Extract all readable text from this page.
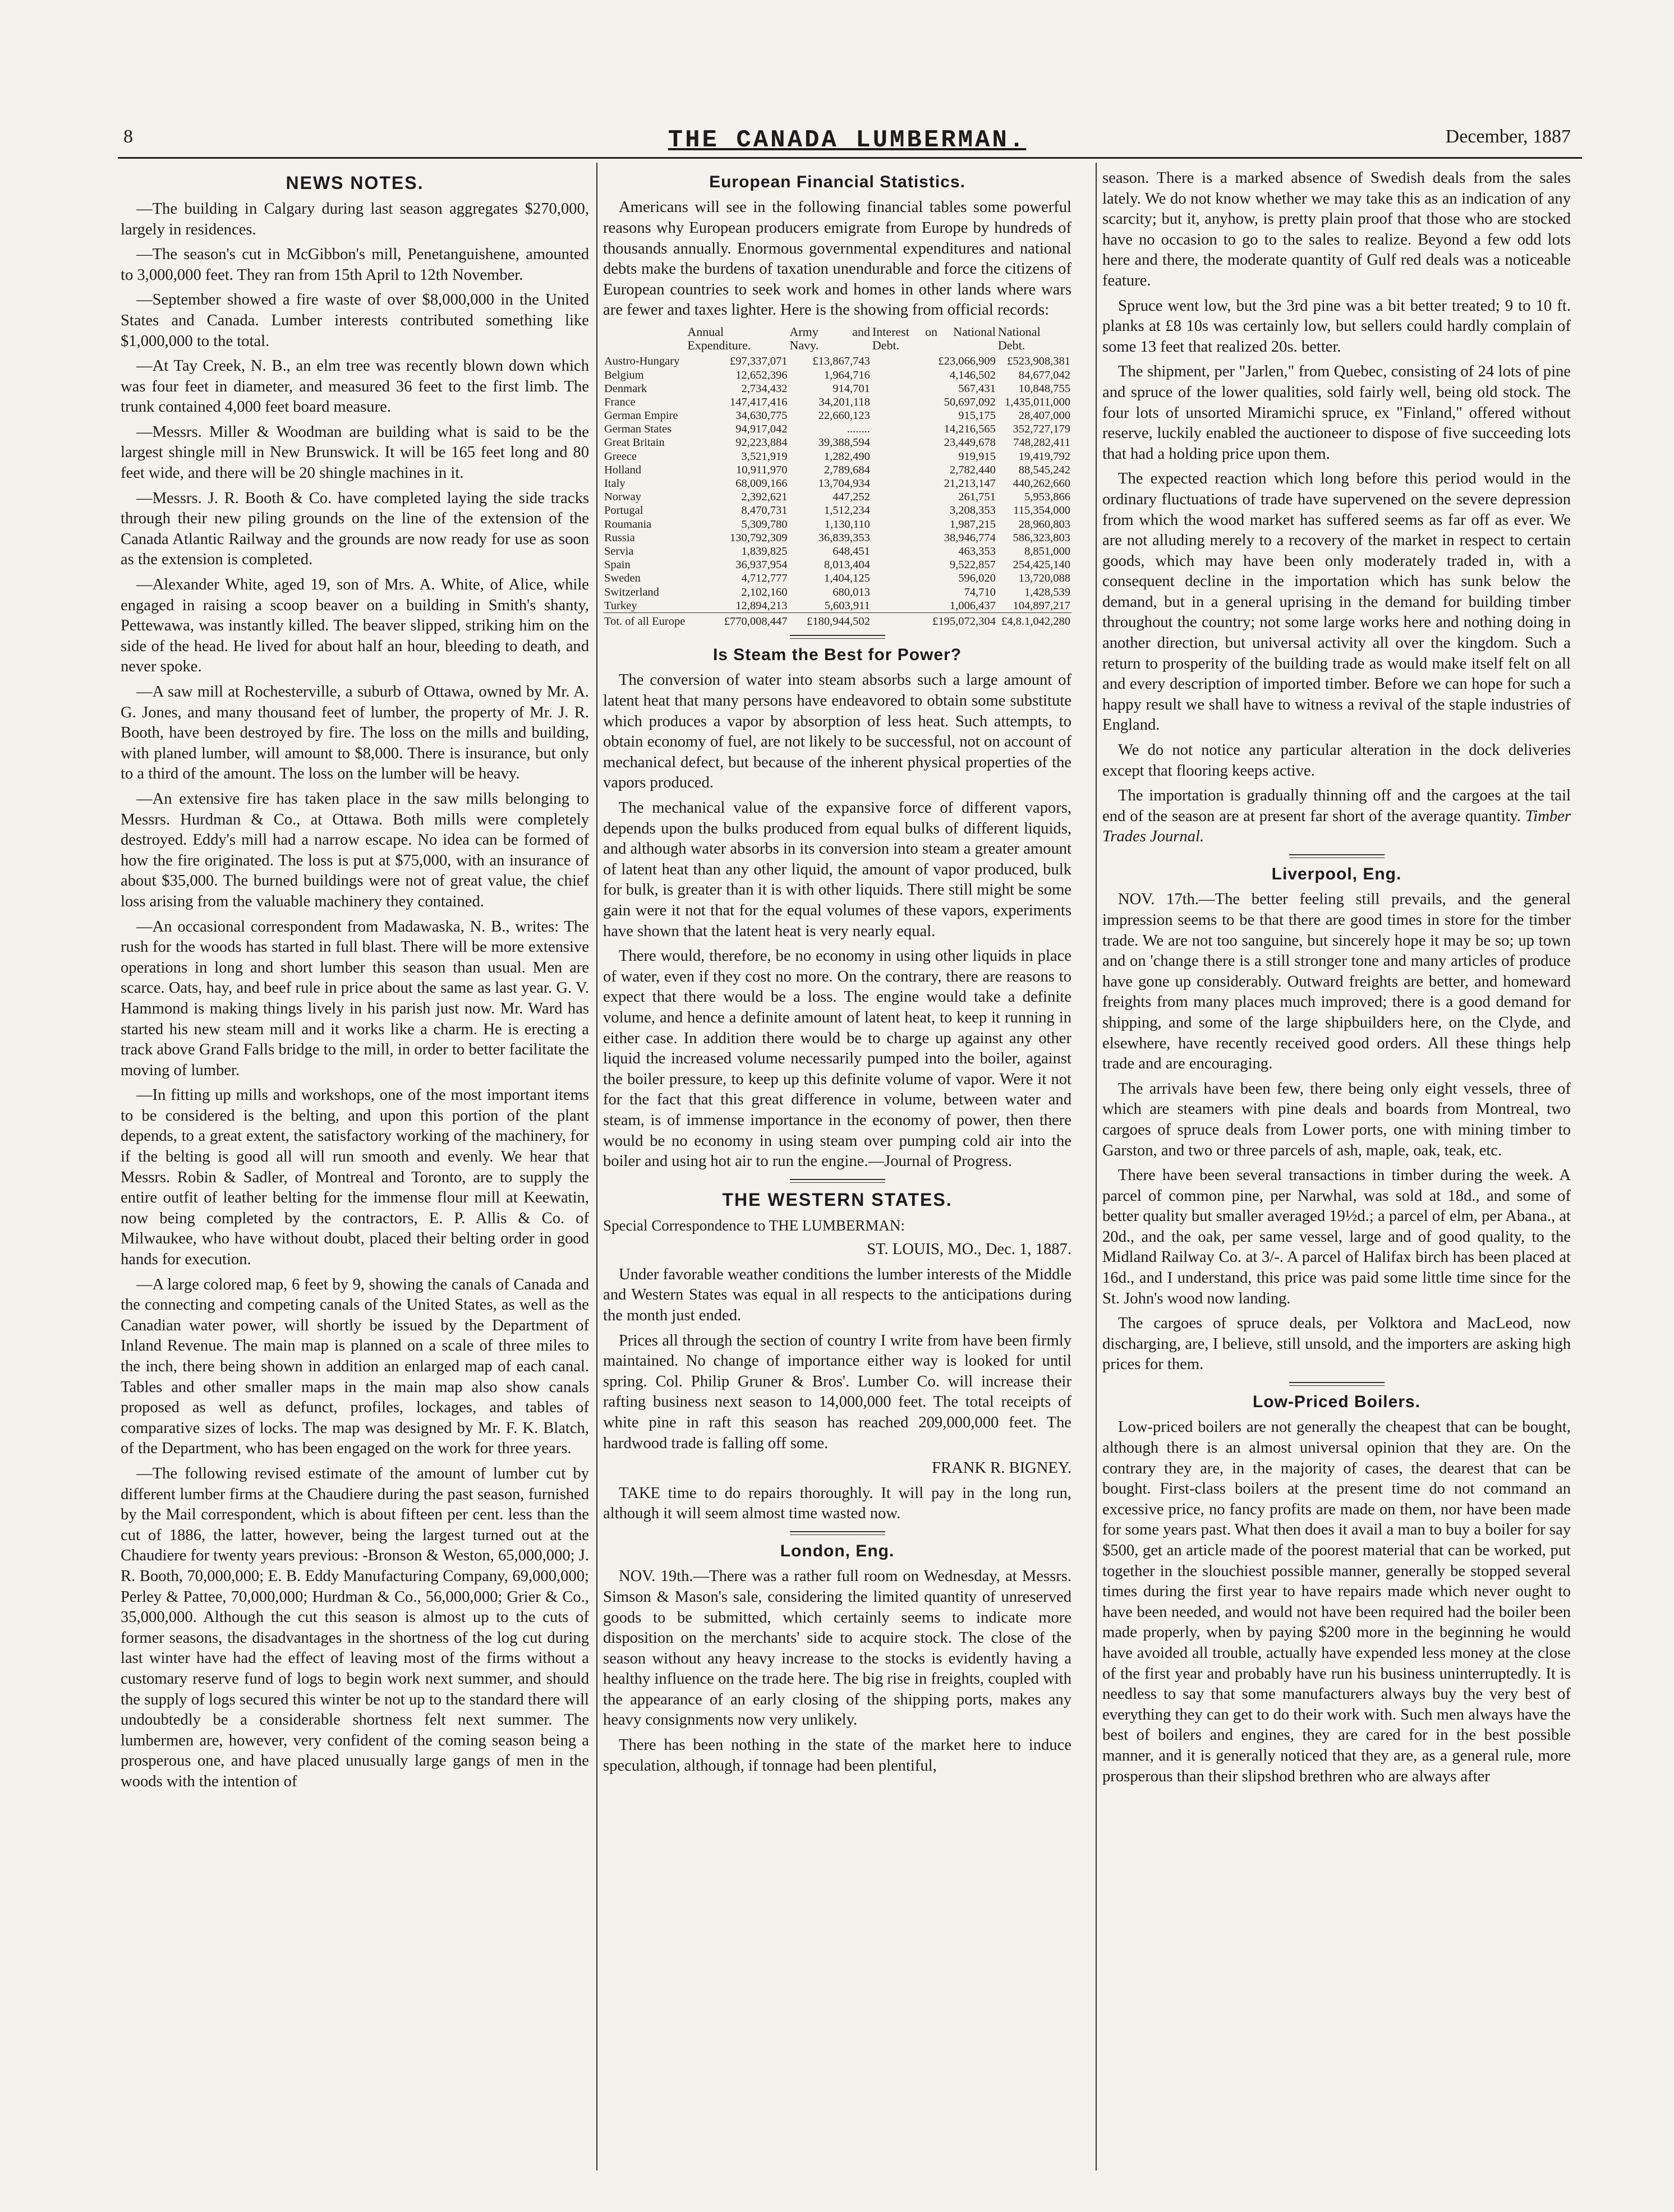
8	THE CANADA LUMBERMAN.	December, 1887
NEWS NOTES.

—The building in Calgary during last season aggregates $270,000, largely in residences.

—The season's cut in McGibbon's mill, Penetanguishene, amounted to 3,000,000 feet. They ran from 15th April to 12th November.

—September showed a fire waste of over $8,000,000 in the United States and Canada. Lumber interests contributed something like $1,000,000 to the total.

—At Tay Creek, N. B., an elm tree was recently blown down which was four feet in diameter, and measured 36 feet to the first limb. The trunk contained 4,000 feet board measure.

—Messrs. Miller & Woodman are building what is said to be the largest shingle mill in New Brunswick. It will be 165 feet long and 80 feet wide, and there will be 20 shingle machines in it.

—Messrs. J. R. Booth & Co. have completed laying the side tracks through their new piling grounds on the line of the extension of the Canada Atlantic Railway and the grounds are now ready for use as soon as the extension is completed.

—Alexander White, aged 19, son of Mrs. A. White, of Alice, while engaged in raising a scoop beaver on a building in Smith's shanty, Pettewawa, was instantly killed. The beaver slipped, striking him on the side of the head. He lived for about half an hour, bleeding to death, and never spoke.

—A saw mill at Rochesterville, a suburb of Ottawa, owned by Mr. A. G. Jones, and many thousand feet of lumber, the property of Mr. J. R. Booth, have been destroyed by fire. The loss on the mills and building, with planed lumber, will amount to $8,000. There is insurance, but only to a third of the amount. The loss on the lumber will be heavy.

—An extensive fire has taken place in the saw mills belonging to Messrs. Hurdman & Co., at Ottawa. Both mills were completely destroyed. Eddy's mill had a narrow escape. No idea can be formed of how the fire originated. The loss is put at $75,000, with an insurance of about $35,000. The burned buildings were not of great value, the chief loss arising from the valuable machinery they contained.

—An occasional correspondent from Madawaska, N. B., writes: The rush for the woods has started in full blast. There will be more extensive operations in long and short lumber this season than usual. Men are scarce. Oats, hay, and beef rule in price about the same as last year. G. V. Hammond is making things lively in his parish just now. Mr. Ward has started his new steam mill and it works like a charm. He is erecting a track above Grand Falls bridge to the mill, in order to better facilitate the moving of lumber.

—In fitting up mills and workshops, one of the most important items to be considered is the belting, and upon this portion of the plant depends, to a great extent, the satisfactory working of the machinery, for if the belting is good all will run smooth and evenly. We hear that Messrs. Robin & Sadler, of Montreal and Toronto, are to supply the entire outfit of leather belting for the immense flour mill at Keewatin, now being completed by the contractors, E. P. Allis & Co. of Milwaukee, who have without doubt, placed their belting order in good hands for execution.

—A large colored map, 6 feet by 9, showing the canals of Canada and the connecting and competing canals of the United States, as well as the Canadian water power, will shortly be issued by the Department of Inland Revenue. The main map is planned on a scale of three miles to the inch, there being shown in addition an enlarged map of each canal. Tables and other smaller maps in the main map also show canals proposed as well as defunct, profiles, lockages, and tables of comparative sizes of locks. The map was designed by Mr. F. K. Blatch, of the Department, who has been engaged on the work for three years.

—The following revised estimate of the amount of lumber cut by different lumber firms at the Chaudiere during the past season, furnished by the Mail correspondent, which is about fifteen per cent. less than the cut of 1886, the latter, however, being the largest turned out at the Chaudiere for twenty years previous: -Bronson & Weston, 65,000,000; J. R. Booth, 70,000,000; E. B. Eddy Manufacturing Company, 69,000,000; Perley & Pattee, 70,000,000; Hurdman & Co., 56,000,000; Grier & Co., 35,000,000. Although the cut this season is almost up to the cuts of former seasons, the disadvantages in the shortness of the log cut during last winter have had the effect of leaving most of the firms without a customary reserve fund of logs to begin work next summer, and should the supply of logs secured this winter be not up to the standard there will undoubtedly be a considerable shortness felt next summer. The lumbermen are, however, very confident of the coming season being a prosperous one, and have placed unusually large gangs of men in the woods with the intention of

European Financial Statistics.

Americans will see in the following financial tables some powerful reasons why European producers emigrate from Europe by hundreds of thousands annually. Enormous governmental expenditures and national debts make the burdens of taxation unendurable and force the citizens of European countries to seek work and homes in other lands where wars are fewer and taxes lighter. Here is the showing from official records:

	Annual Expenditure.	Army and Navy.	Interest on National Debt.	National Debt.
Austro-Hungary	£97,337,071	£13,867,743	£23,066,909	£523,908,381
Belgium	12,652,396	1,964,716	4,146,502	84,677,042
Denmark	2,734,432	914,701	567,431	10,848,755
France	147,417,416	34,201,118	50,697,092	1,435,011,000
German Empire	34,630,775	22,660,123	915,175	28,407,000
German States	94,917,042	........	14,216,565	352,727,179
Great Britain	92,223,884	39,388,594	23,449,678	748,282,411
Greece	3,521,919	1,282,490	919,915	19,419,792
Holland	10,911,970	2,789,684	2,782,440	88,545,242
Italy	68,009,166	13,704,934	21,213,147	440,262,660
Norway	2,392,621	447,252	261,751	5,953,866
Portugal	8,470,731	1,512,234	3,208,353	115,354,000
Roumania	5,309,780	1,130,110	1,987,215	28,960,803
Russia	130,792,309	36,839,353	38,946,774	586,323,803
Servia	1,839,825	648,451	463,353	8,851,000
Spain	36,937,954	8,013,404	9,522,857	254,425,140
Sweden	4,712,777	1,404,125	596,020	13,720,088
Switzerland	2,102,160	680,013	74,710	1,428,539
Turkey	12,894,213	5,603,911	1,006,437	104,897,217
Tot. of all Europe	£770,008,447	£180,944,502	£195,072,304	£4,8.1,042,280
Is Steam the Best for Power?

The conversion of water into steam absorbs such a large amount of latent heat that many persons have endeavored to obtain some substitute which produces a vapor by absorption of less heat. Such attempts, to obtain economy of fuel, are not likely to be successful, not on account of mechanical defect, but because of the inherent physical properties of the vapors produced.

The mechanical value of the expansive force of different vapors, depends upon the bulks produced from equal bulks of different liquids, and although water absorbs in its conversion into steam a greater amount of latent heat than any other liquid, the amount of vapor produced, bulk for bulk, is greater than it is with other liquids. There still might be some gain were it not that for the equal volumes of these vapors, experiments have shown that the latent heat is very nearly equal.

There would, therefore, be no economy in using other liquids in place of water, even if they cost no more. On the contrary, there are reasons to expect that there would be a loss. The engine would take a definite volume, and hence a definite amount of latent heat, to keep it running in either case. In addition there would be to charge up against any other liquid the increased volume necessarily pumped into the boiler, against the boiler pressure, to keep up this definite volume of vapor. Were it not for the fact that this great difference in volume, between water and steam, is of immense importance in the economy of power, then there would be no economy in using steam over pumping cold air into the boiler and using hot air to run the engine.—Journal of Progress.

THE WESTERN STATES.

Special Correspondence to THE LUMBERMAN:

ST. LOUIS, MO., Dec. 1, 1887.

Under favorable weather conditions the lumber interests of the Middle and Western States was equal in all respects to the anticipations during the month just ended.

Prices all through the section of country I write from have been firmly maintained. No change of importance either way is looked for until spring. Col. Philip Gruner & Bros'. Lumber Co. will increase their rafting business next season to 14,000,000 feet. The total receipts of white pine in raft this season has reached 209,000,000 feet. The hardwood trade is falling off some.

FRANK R. BIGNEY.

TAKE time to do repairs thoroughly. It will pay in the long run, although it will seem almost time wasted now.

London, Eng.

NOV. 19th.—There was a rather full room on Wednesday, at Messrs. Simson & Mason's sale, considering the limited quantity of unreserved goods to be submitted, which certainly seems to indicate more disposition on the merchants' side to acquire stock. The close of the season without any heavy increase to the stocks is evidently having a healthy influence on the trade here. The big rise in freights, coupled with the appearance of an early closing of the shipping ports, makes any heavy consignments now very unlikely.

There has been nothing in the state of the market here to induce speculation, although, if tonnage had been plentiful,

season. There is a marked absence of Swedish deals from the sales lately. We do not know whether we may take this as an indication of any scarcity; but it, anyhow, is pretty plain proof that those who are stocked have no occasion to go to the sales to realize. Beyond a few odd lots here and there, the moderate quantity of Gulf red deals was a noticeable feature.

Spruce went low, but the 3rd pine was a bit better treated; 9 to 10 ft. planks at £8 10s was certainly low, but sellers could hardly complain of some 13 feet that realized 20s. better.

The shipment, per "Jarlen," from Quebec, consisting of 24 lots of pine and spruce of the lower qualities, sold fairly well, being old stock. The four lots of unsorted Miramichi spruce, ex "Finland," offered without reserve, luckily enabled the auctioneer to dispose of five succeeding lots that had a holding price upon them.

The expected reaction which long before this period would in the ordinary fluctuations of trade have supervened on the severe depression from which the wood market has suffered seems as far off as ever. We are not alluding merely to a recovery of the market in respect to certain goods, which may have been only moderately traded in, with a consequent decline in the importation which has sunk below the demand, but in a general uprising in the demand for building timber throughout the country; not some large works here and nothing doing in another direction, but universal activity all over the kingdom. Such a return to prosperity of the building trade as would make itself felt on all and every description of imported timber. Before we can hope for such a happy result we shall have to witness a revival of the staple industries of England.

We do not notice any particular alteration in the dock deliveries except that flooring keeps active.

The importation is gradually thinning off and the cargoes at the tail end of the season are at present far short of the average quantity. Timber Trades Journal.

Liverpool, Eng.

NOV. 17th.—The better feeling still prevails, and the general impression seems to be that there are good times in store for the timber trade. We are not too sanguine, but sincerely hope it may be so; up town and on 'change there is a still stronger tone and many articles of produce have gone up considerably. Outward freights are better, and homeward freights from many places much improved; there is a good demand for shipping, and some of the large shipbuilders here, on the Clyde, and elsewhere, have recently received good orders. All these things help trade and are encouraging.

The arrivals have been few, there being only eight vessels, three of which are steamers with pine deals and boards from Montreal, two cargoes of spruce deals from Lower ports, one with mining timber to Garston, and two or three parcels of ash, maple, oak, teak, etc.

There have been several transactions in timber during the week. A parcel of common pine, per Narwhal, was sold at 18d., and some of better quality but smaller averaged 19½d.; a parcel of elm, per Abana., at 20d., and the oak, per same vessel, large and of good quality, to the Midland Railway Co. at 3/-. A parcel of Halifax birch has been placed at 16d., and I understand, this price was paid some little time since for the St. John's wood now landing.

The cargoes of spruce deals, per Volktora and MacLeod, now discharging, are, I believe, still unsold, and the importers are asking high prices for them.

Low-Priced Boilers.

Low-priced boilers are not generally the cheapest that can be bought, although there is an almost universal opinion that they are. On the contrary they are, in the majority of cases, the dearest that can be bought. First-class boilers at the present time do not command an excessive price, no fancy profits are made on them, nor have been made for some years past. What then does it avail a man to buy a boiler for say $500, get an article made of the poorest material that can be worked, put together in the slouchiest possible manner, generally be stopped several times during the first year to have repairs made which never ought to have been needed, and would not have been required had the boiler been made properly, when by paying $200 more in the beginning he would have avoided all trouble, actually have expended less money at the close of the first year and probably have run his business uninterruptedly. It is needless to say that some manufacturers always buy the very best of everything they can get to do their work with. Such men always have the best of boilers and engines, they are cared for in the best possible manner, and it is generally noticed that they are, as a general rule, more prosperous than their slipshod brethren who are always after
